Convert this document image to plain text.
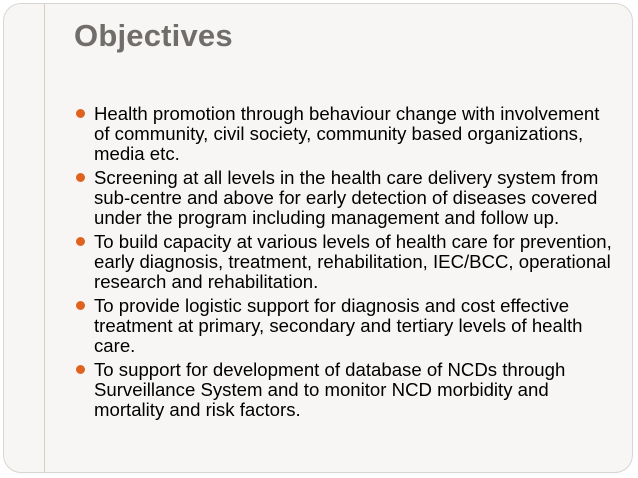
Objectives
Health promotion through behaviour change with involvement of community, civil society, community based organizations, media etc.
Screening at all levels in the health care delivery system from sub-centre and above for early detection of diseases covered under the program including management and follow up.
To build capacity at various levels of health care for prevention, early diagnosis, treatment, rehabilitation, IEC/BCC, operational research and rehabilitation.
To provide logistic support for diagnosis and cost effective treatment at primary, secondary and tertiary levels of health care.
To support for development of database of NCDs through Surveillance System and to monitor NCD morbidity and mortality and risk factors.
